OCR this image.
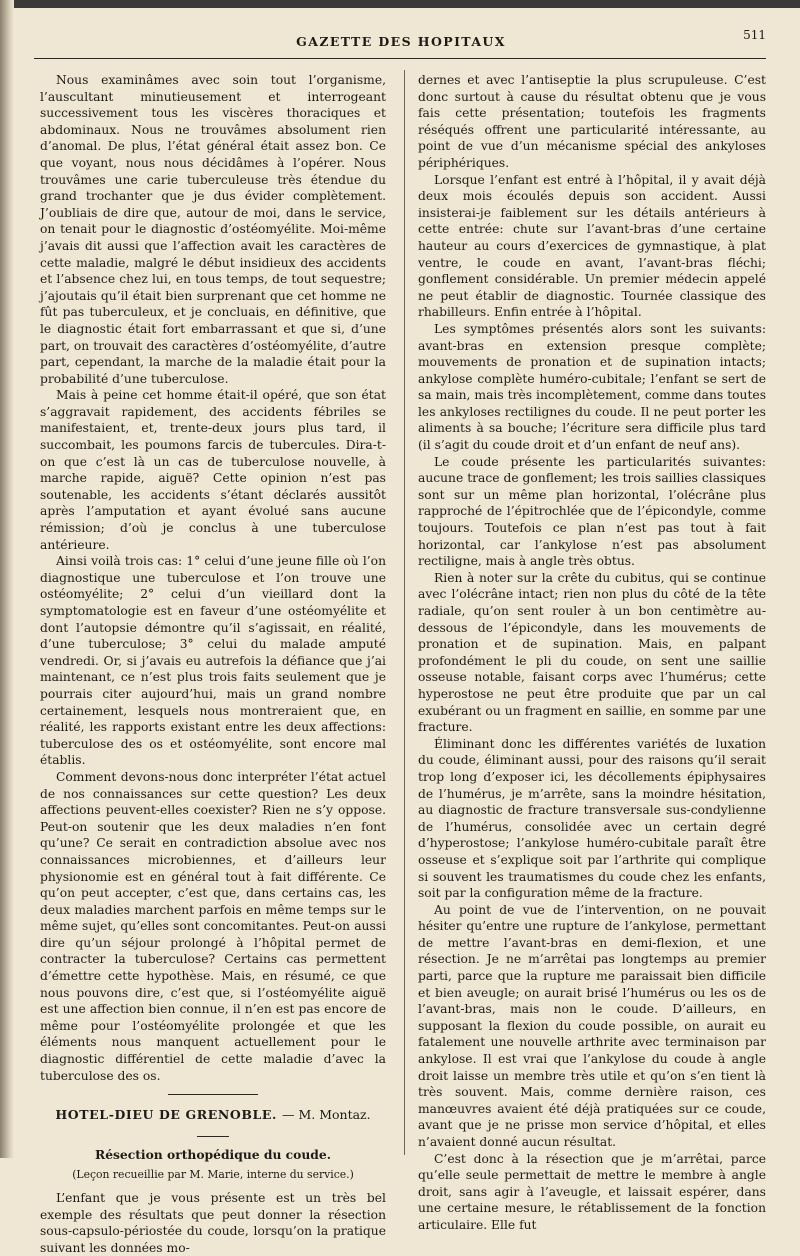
GAZETTE DES HOPITAUX	511

Nous examinâmes avec soin tout l’organisme, l’auscultant minutieusement et interrogeant successivement tous les viscères thoraciques et abdominaux. Nous ne trouvâmes absolument rien d’anomal. De plus, l’état général était assez bon. Ce que voyant, nous nous décidâmes à l’opérer. Nous trouvâmes une carie tuberculeuse très étendue du grand trochanter que je dus évider complètement. J’oubliais de dire que, autour de moi, dans le service, on tenait pour le diagnostic d’ostéomyélite. Moi-même j’avais dit aussi que l’affection avait les caractères de cette maladie, malgré le début insidieux des accidents et l’absence chez lui, en tous temps, de tout sequestre; j’ajoutais qu’il était bien surprenant que cet homme ne fût pas tuberculeux, et je concluais, en définitive, que le diagnostic était fort embarrassant et que si, d’une part, on trouvait des caractères d’ostéomyélite, d’autre part, cependant, la marche de la maladie était pour la probabilité d’une tuberculose.

Mais à peine cet homme était-il opéré, que son état s’aggravait rapidement, des accidents fébriles se manifestaient, et, trente-deux jours plus tard, il succombait, les poumons farcis de tubercules. Dira-t-on que c’est là un cas de tuberculose nouvelle, à marche rapide, aiguë? Cette opinion n’est pas soutenable, les accidents s’étant déclarés aussitôt après l’amputation et ayant évolué sans aucune rémission; d’où je conclus à une tuberculose antérieure.

Ainsi voilà trois cas: 1° celui d’une jeune fille où l’on diagnostique une tuberculose et l’on trouve une ostéomyélite; 2° celui d’un vieillard dont la symptomatologie est en faveur d’une ostéomyélite et dont l’autopsie démontre qu’il s’agissait, en réalité, d’une tuberculose; 3° celui du malade amputé vendredi. Or, si j’avais eu autrefois la défiance que j’ai maintenant, ce n’est plus trois faits seulement que je pourrais citer aujourd’hui, mais un grand nombre certainement, lesquels nous montreraient que, en réalité, les rapports existant entre les deux affections: tuberculose des os et ostéomyélite, sont encore mal établis.

Comment devons-nous donc interpréter l’état actuel de nos connaissances sur cette question? Les deux affections peuvent-elles coexister? Rien ne s’y oppose. Peut-on soutenir que les deux maladies n’en font qu’une? Ce serait en contradiction absolue avec nos connaissances microbiennes, et d’ailleurs leur physionomie est en général tout à fait différente. Ce qu’on peut accepter, c’est que, dans certains cas, les deux maladies marchent parfois en même temps sur le même sujet, qu’elles sont concomitantes. Peut-on aussi dire qu’un séjour prolongé à l’hôpital permet de contracter la tuberculose? Certains cas permettent d’émettre cette hypothèse. Mais, en résumé, ce que nous pouvons dire, c’est que, si l’ostéomyélite aiguë est une affection bien connue, il n’en est pas encore de même pour l’ostéomyélite prolongée et que les éléments nous manquent actuellement pour le diagnostic différentiel de cette maladie d’avec la tuberculose des os.

HOTEL-DIEU DE GRENOBLE. — M. Montaz.
Résection orthopédique du coude.
(Leçon recueillie par M. Marie, interne du service.)

L’enfant que je vous présente est un très bel exemple des résultats que peut donner la résection sous-capsulo-périostée du coude, lorsqu’on la pratique suivant les données mo-

dernes et avec l’antiseptie la plus scrupuleuse. C’est donc surtout à cause du résultat obtenu que je vous fais cette présentation; toutefois les fragments réséqués offrent une particularité intéressante, au point de vue d’un mécanisme spécial des ankyloses périphériques.

Lorsque l’enfant est entré à l’hôpital, il y avait déjà deux mois écoulés depuis son accident. Aussi insisterai-je faiblement sur les détails antérieurs à cette entrée: chute sur l’avant-bras d’une certaine hauteur au cours d’exercices de gymnastique, à plat ventre, le coude en avant, l’avant-bras fléchi; gonflement considérable. Un premier médecin appelé ne peut établir de diagnostic. Tournée classique des rhabilleurs. Enfin entrée à l’hôpital.

Les symptômes présentés alors sont les suivants: avant-bras en extension presque complète; mouvements de pronation et de supination intacts; ankylose complète huméro-cubitale; l’enfant se sert de sa main, mais très incomplètement, comme dans toutes les ankyloses rectilignes du coude. Il ne peut porter les aliments à sa bouche; l’écriture sera difficile plus tard (il s’agit du coude droit et d’un enfant de neuf ans).

Le coude présente les particularités suivantes: aucune trace de gonflement; les trois saillies classiques sont sur un même plan horizontal, l’olécrâne plus rapproché de l’épitrochlée que de l’épicondyle, comme toujours. Toutefois ce plan n’est pas tout à fait horizontal, car l’ankylose n’est pas absolument rectiligne, mais à angle très obtus.

Rien à noter sur la crête du cubitus, qui se continue avec l’olécrâne intact; rien non plus du côté de la tête radiale, qu’on sent rouler à un bon centimètre au-dessous de l’épicondyle, dans les mouvements de pronation et de supination. Mais, en palpant profondément le pli du coude, on sent une saillie osseuse notable, faisant corps avec l’humérus; cette hyperostose ne peut être produite que par un cal exubérant ou un fragment en saillie, en somme par une fracture.

Éliminant donc les différentes variétés de luxation du coude, éliminant aussi, pour des raisons qu’il serait trop long d’exposer ici, les décollements épiphysaires de l’humérus, je m’arrête, sans la moindre hésitation, au diagnostic de fracture transversale sus-condylienne de l’humérus, consolidée avec un certain degré d’hyperostose; l’ankylose huméro-cubitale paraît être osseuse et s’explique soit par l’arthrite qui complique si souvent les traumatismes du coude chez les enfants, soit par la configuration même de la fracture.

Au point de vue de l’intervention, on ne pouvait hésiter qu’entre une rupture de l’ankylose, permettant de mettre l’avant-bras en demi-flexion, et une résection. Je ne m’arrêtai pas longtemps au premier parti, parce que la rupture me paraissait bien difficile et bien aveugle; on aurait brisé l’humérus ou les os de l’avant-bras, mais non le coude. D’ailleurs, en supposant la flexion du coude possible, on aurait eu fatalement une nouvelle arthrite avec terminaison par ankylose. Il est vrai que l’ankylose du coude à angle droit laisse un membre très utile et qu’on s’en tient là très souvent. Mais, comme dernière raison, ces manœuvres avaient été déjà pratiquées sur ce coude, avant que je ne prisse mon service d’hôpital, et elles n’avaient donné aucun résultat.

C’est donc à la résection que je m’arrêtai, parce qu’elle seule permettait de mettre le membre à angle droit, sans agir à l’aveugle, et laissait espérer, dans une certaine mesure, le rétablissement de la fonction articulaire. Elle fut
